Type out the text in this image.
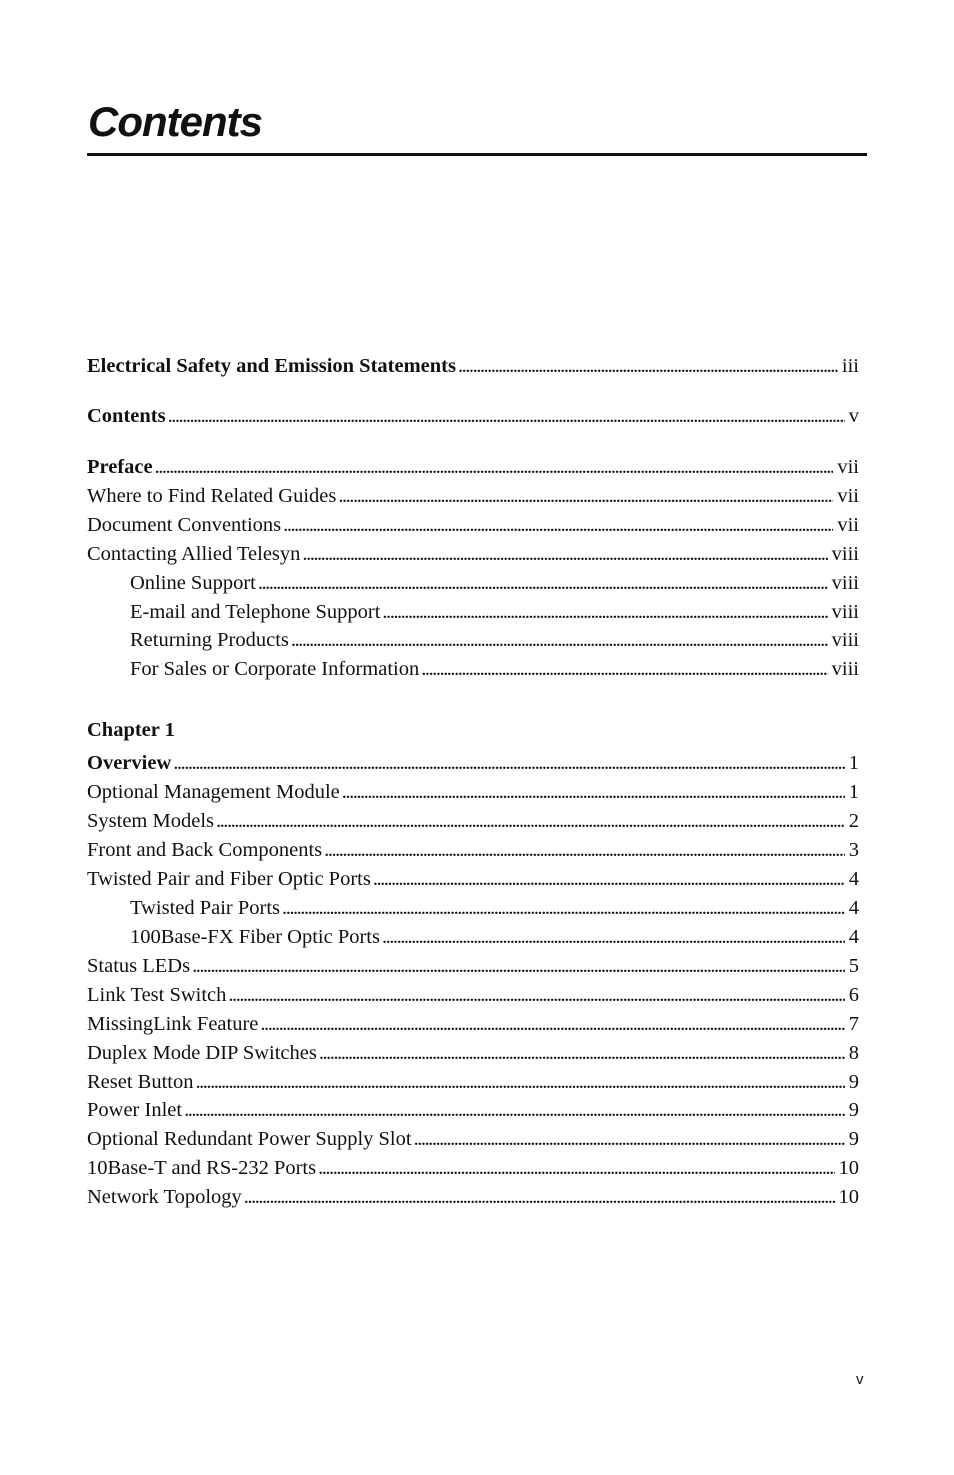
Contents
Electrical Safety and Emission Statements . . .	iii
Contents . . .	v
Preface . . .	vii
Where to Find Related Guides . . .	vii
Document Conventions . . .	vii
Contacting Allied Telesyn . . .	viii
Online Support . . .	viii
E-mail and Telephone Support . . .	viii
Returning Products . . .	viii
For Sales or Corporate Information . . .	viii
Chapter 1
Overview . . .	1
Optional Management Module . . .	1
System Models . . .	2
Front and Back Components . . .	3
Twisted Pair and Fiber Optic Ports . . .	4
Twisted Pair Ports . . .	4
100Base-FX Fiber Optic Ports . . .	4
Status LEDs . . .	5
Link Test Switch . . .	6
MissingLink Feature . . .	7
Duplex Mode DIP Switches . . .	8
Reset Button . . .	9
Power Inlet . . .	9
Optional Redundant Power Supply Slot . . .	9
10Base-T and RS-232 Ports . . .	10
Network Topology . . .	10
v
